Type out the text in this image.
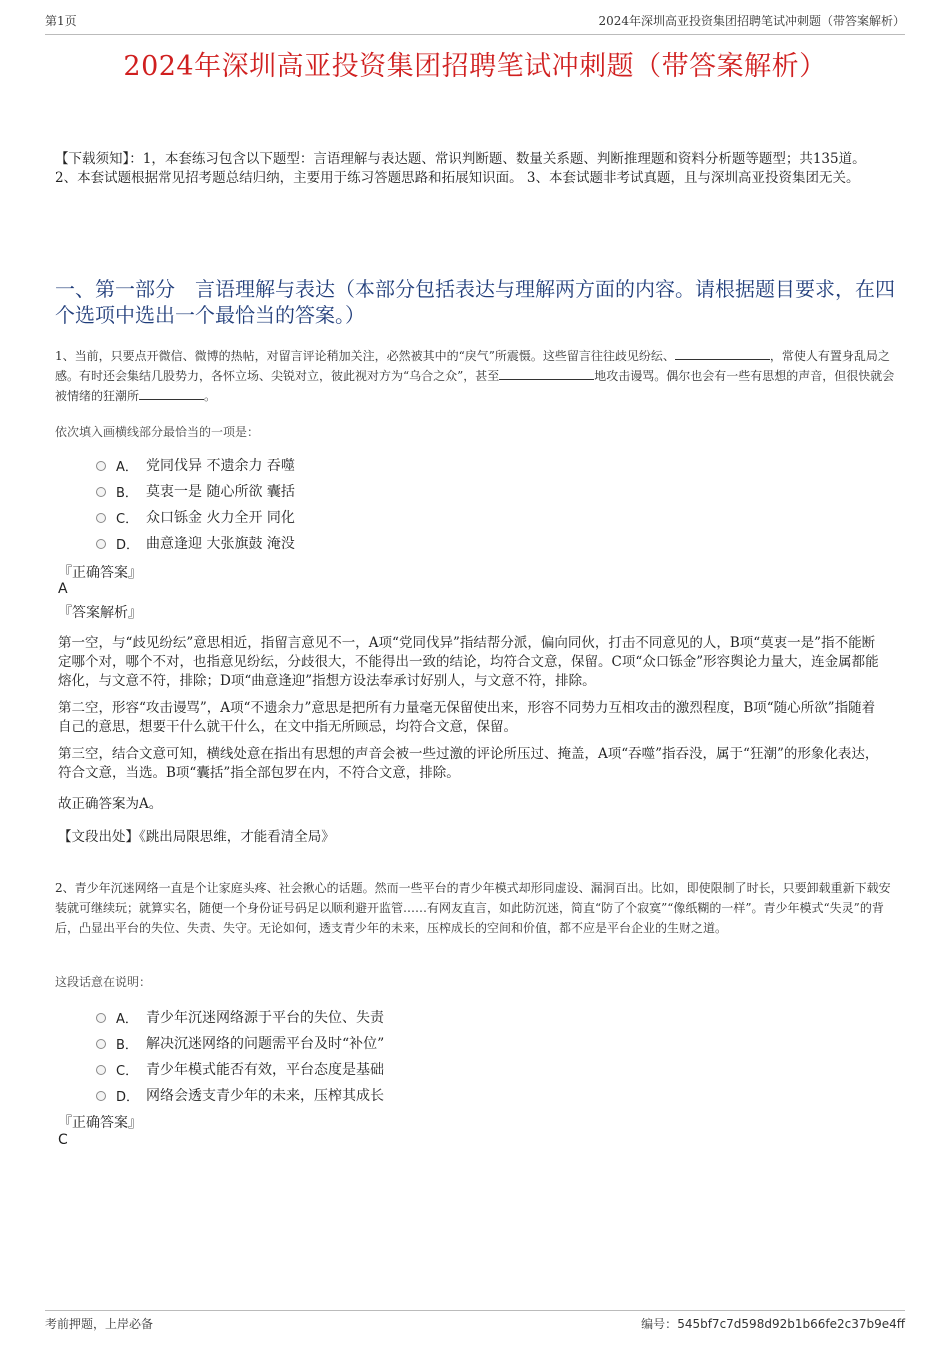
第1页	2024年深圳高亚投资集团招聘笔试冲刺题（带答案解析）
2024年深圳高亚投资集团招聘笔试冲刺题（带答案解析）
【下载须知】：1，本套练习包含以下题型：言语理解与表达题、常识判断题、数量关系题、判断推理题和资料分析题等题型；共135道。 2、本套试题根据常见招考题总结归纳，主要用于练习答题思路和拓展知识面。 3、本套试题非考试真题，且与深圳高亚投资集团无关。
一、第一部分　言语理解与表达（本部分包括表达与理解两方面的内容。请根据题目要求，在四个选项中选出一个最恰当的答案。）
1、当前，只要点开微信、微博的热帖，对留言评论稍加关注，必然被其中的“戾气”所震慑。这些留言往往歧见纷纭、	，常使人有置身乱局之感。有时还会集结几股势力，各怀立场、尖锐对立，彼此视对方为“乌合之众”，甚至	地攻击谩骂。偶尔也会有一些有思想的声音，但很快就会被情绪的狂潮所	。
依次填入画横线部分最恰当的一项是：
A． 党同伐异 不遗余力 吞噬
B． 莫衷一是 随心所欲 囊括
C． 众口铄金 火力全开 同化
D． 曲意逢迎 大张旗鼓 淹没
『正确答案』
A
『答案解析』

第一空，与“歧见纷纭”意思相近，指留言意见不一，A项“党同伐异”指结帮分派，偏向同伙，打击不同意见的人，B项“莫衷一是”指不能断定哪个对，哪个不对，也指意见纷纭，分歧很大，不能得出一致的结论，均符合文意，保留。C项“众口铄金”形容舆论力量大，连金属都能熔化，与文意不符，排除；D项“曲意逢迎”指想方设法奉承讨好别人，与文意不符，排除。

第二空，形容“攻击谩骂”，A项“不遗余力”意思是把所有力量毫无保留使出来，形容不同势力互相攻击的激烈程度，B项“随心所欲”指随着自己的意思，想要干什么就干什么，在文中指无所顾忌，均符合文意，保留。

第三空，结合文意可知，横线处意在指出有思想的声音会被一些过激的评论所压过、掩盖，A项“吞噬”指吞没，属于“狂潮”的形象化表达，符合文意，当选。B项“囊括”指全部包罗在内，不符合文意，排除。

故正确答案为A。

【文段出处】《跳出局限思维，才能看清全局》

2、青少年沉迷网络一直是个让家庭头疼、社会揪心的话题。然而一些平台的青少年模式却形同虚设、漏洞百出。比如，即使限制了时长，只要卸载重新下载安装就可继续玩；就算实名，随便一个身份证号码足以顺利避开监管……有网友直言，如此防沉迷，简直“防了个寂寞”“像纸糊的一样”。青少年模式“失灵”的背后，凸显出平台的失位、失责、失守。无论如何，透支青少年的未来，压榨成长的空间和价值，都不应是平台企业的生财之道。
这段话意在说明：
A． 青少年沉迷网络源于平台的失位、失责
B． 解决沉迷网络的问题需平台及时“补位”
C． 青少年模式能否有效，平台态度是基础
D． 网络会透支青少年的未来，压榨其成长
『正确答案』
C
考前押题，上岸必备	编号：545bf7c7d598d92b1b66fe2c37b9e4ff
